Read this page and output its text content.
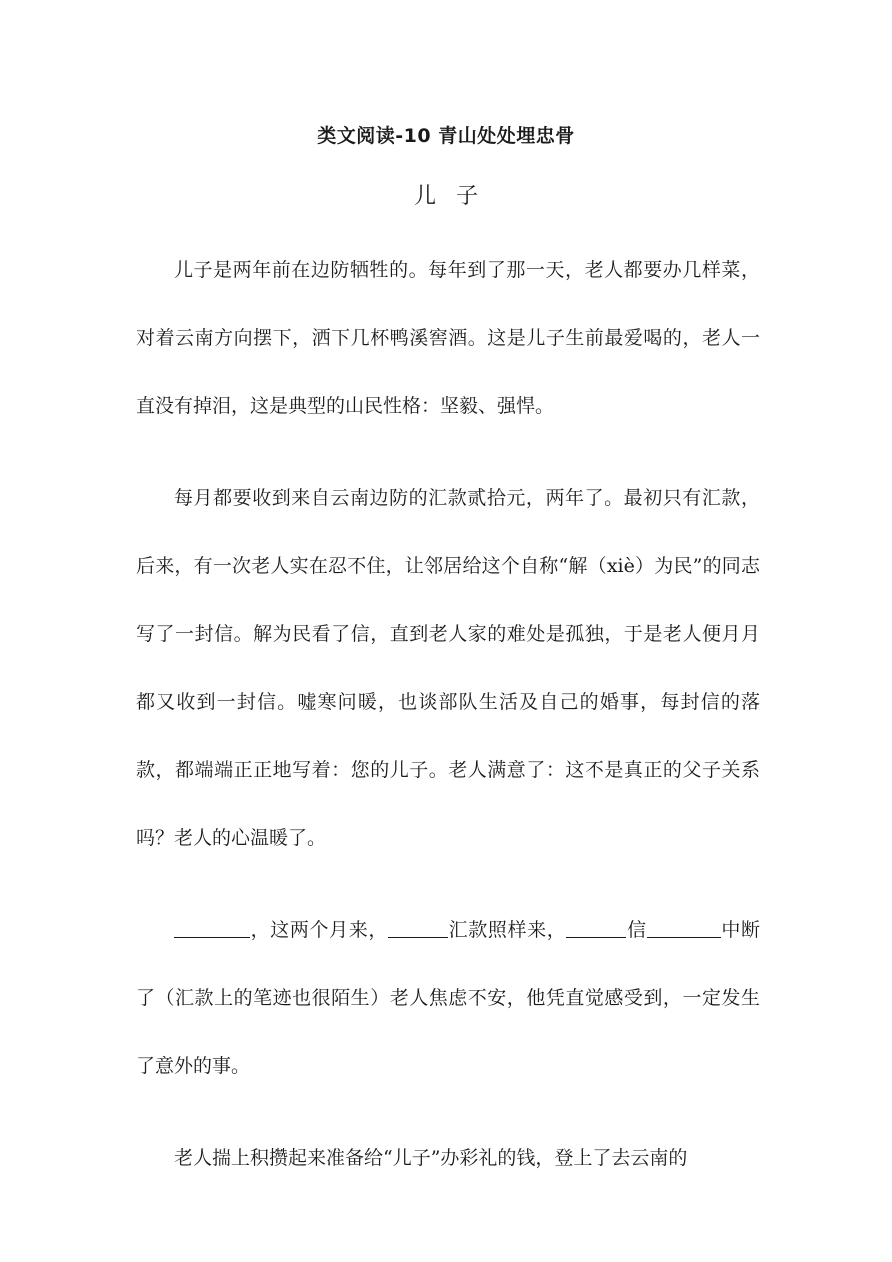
类文阅读-10 青山处处埋忠骨
儿子

儿子是两年前在边防牺牲的。每年到了那一天，老人都要办几样菜，对着云南方向摆下，洒下几杯鸭溪窖酒。这是儿子生前最爱喝的，老人一直没有掉泪，这是典型的山民性格：坚毅、强悍。

每月都要收到来自云南边防的汇款贰拾元，两年了。最初只有汇款，后来，有一次老人实在忍不住，让邻居给这个自称“解（xiè）为民”的同志写了一封信。解为民看了信，直到老人家的难处是孤独，于是老人便月月都又收到一封信。嘘寒问暖，也谈部队生活及自己的婚事，每封信的落款，都端端正正地写着：您的儿子。老人满意了：这不是真正的父子关系吗？老人的心温暖了。

，这两个月来，	汇款照样来，	信	中断了（汇款上的笔迹也很陌生）老人焦虑不安，他凭直觉感受到，一定发生了意外的事。

老人揣上积攒起来准备给“儿子”办彩礼的钱，登上了去云南的
